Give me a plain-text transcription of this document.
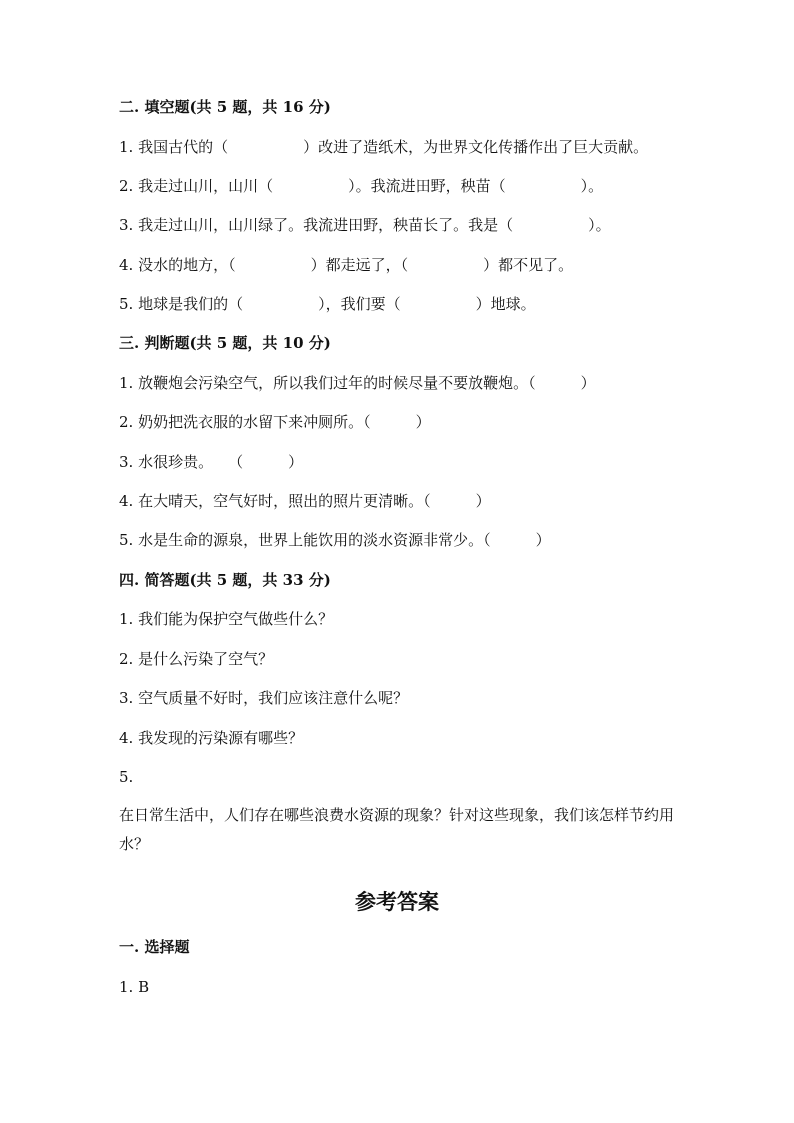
二. 填空题(共 5 题，共 16 分)
1. 我国古代的（　　　　　）改进了造纸术，为世界文化传播作出了巨大贡献。
2. 我走过山川，山川（　　　　　）。我流进田野，秧苗（　　　　　）。
3. 我走过山川，山川绿了。我流进田野，秧苗长了。我是（　　　　　）。
4. 没水的地方，（　　　　　）都走远了，（　　　　　）都不见了。
5. 地球是我们的（　　　　　），我们要（　　　　　）地球。
三. 判断题(共 5 题，共 10 分)
1. 放鞭炮会污染空气，所以我们过年的时候尽量不要放鞭炮。（　　　）
2. 奶奶把洗衣服的水留下来冲厕所。（　　　）
3. 水很珍贵。　　（　　　）
4. 在大晴天，空气好时，照出的照片更清晰。（　　　）
5. 水是生命的源泉，世界上能饮用的淡水资源非常少。（　　　）
四. 简答题(共 5 题，共 33 分)
1. 我们能为保护空气做些什么？
2. 是什么污染了空气？
3. 空气质量不好时，我们应该注意什么呢？
4. 我发现的污染源有哪些？
5.
在日常生活中，人们存在哪些浪费水资源的现象？针对这些现象，我们该怎样节约用水？
参考答案
一. 选择题
1. B
